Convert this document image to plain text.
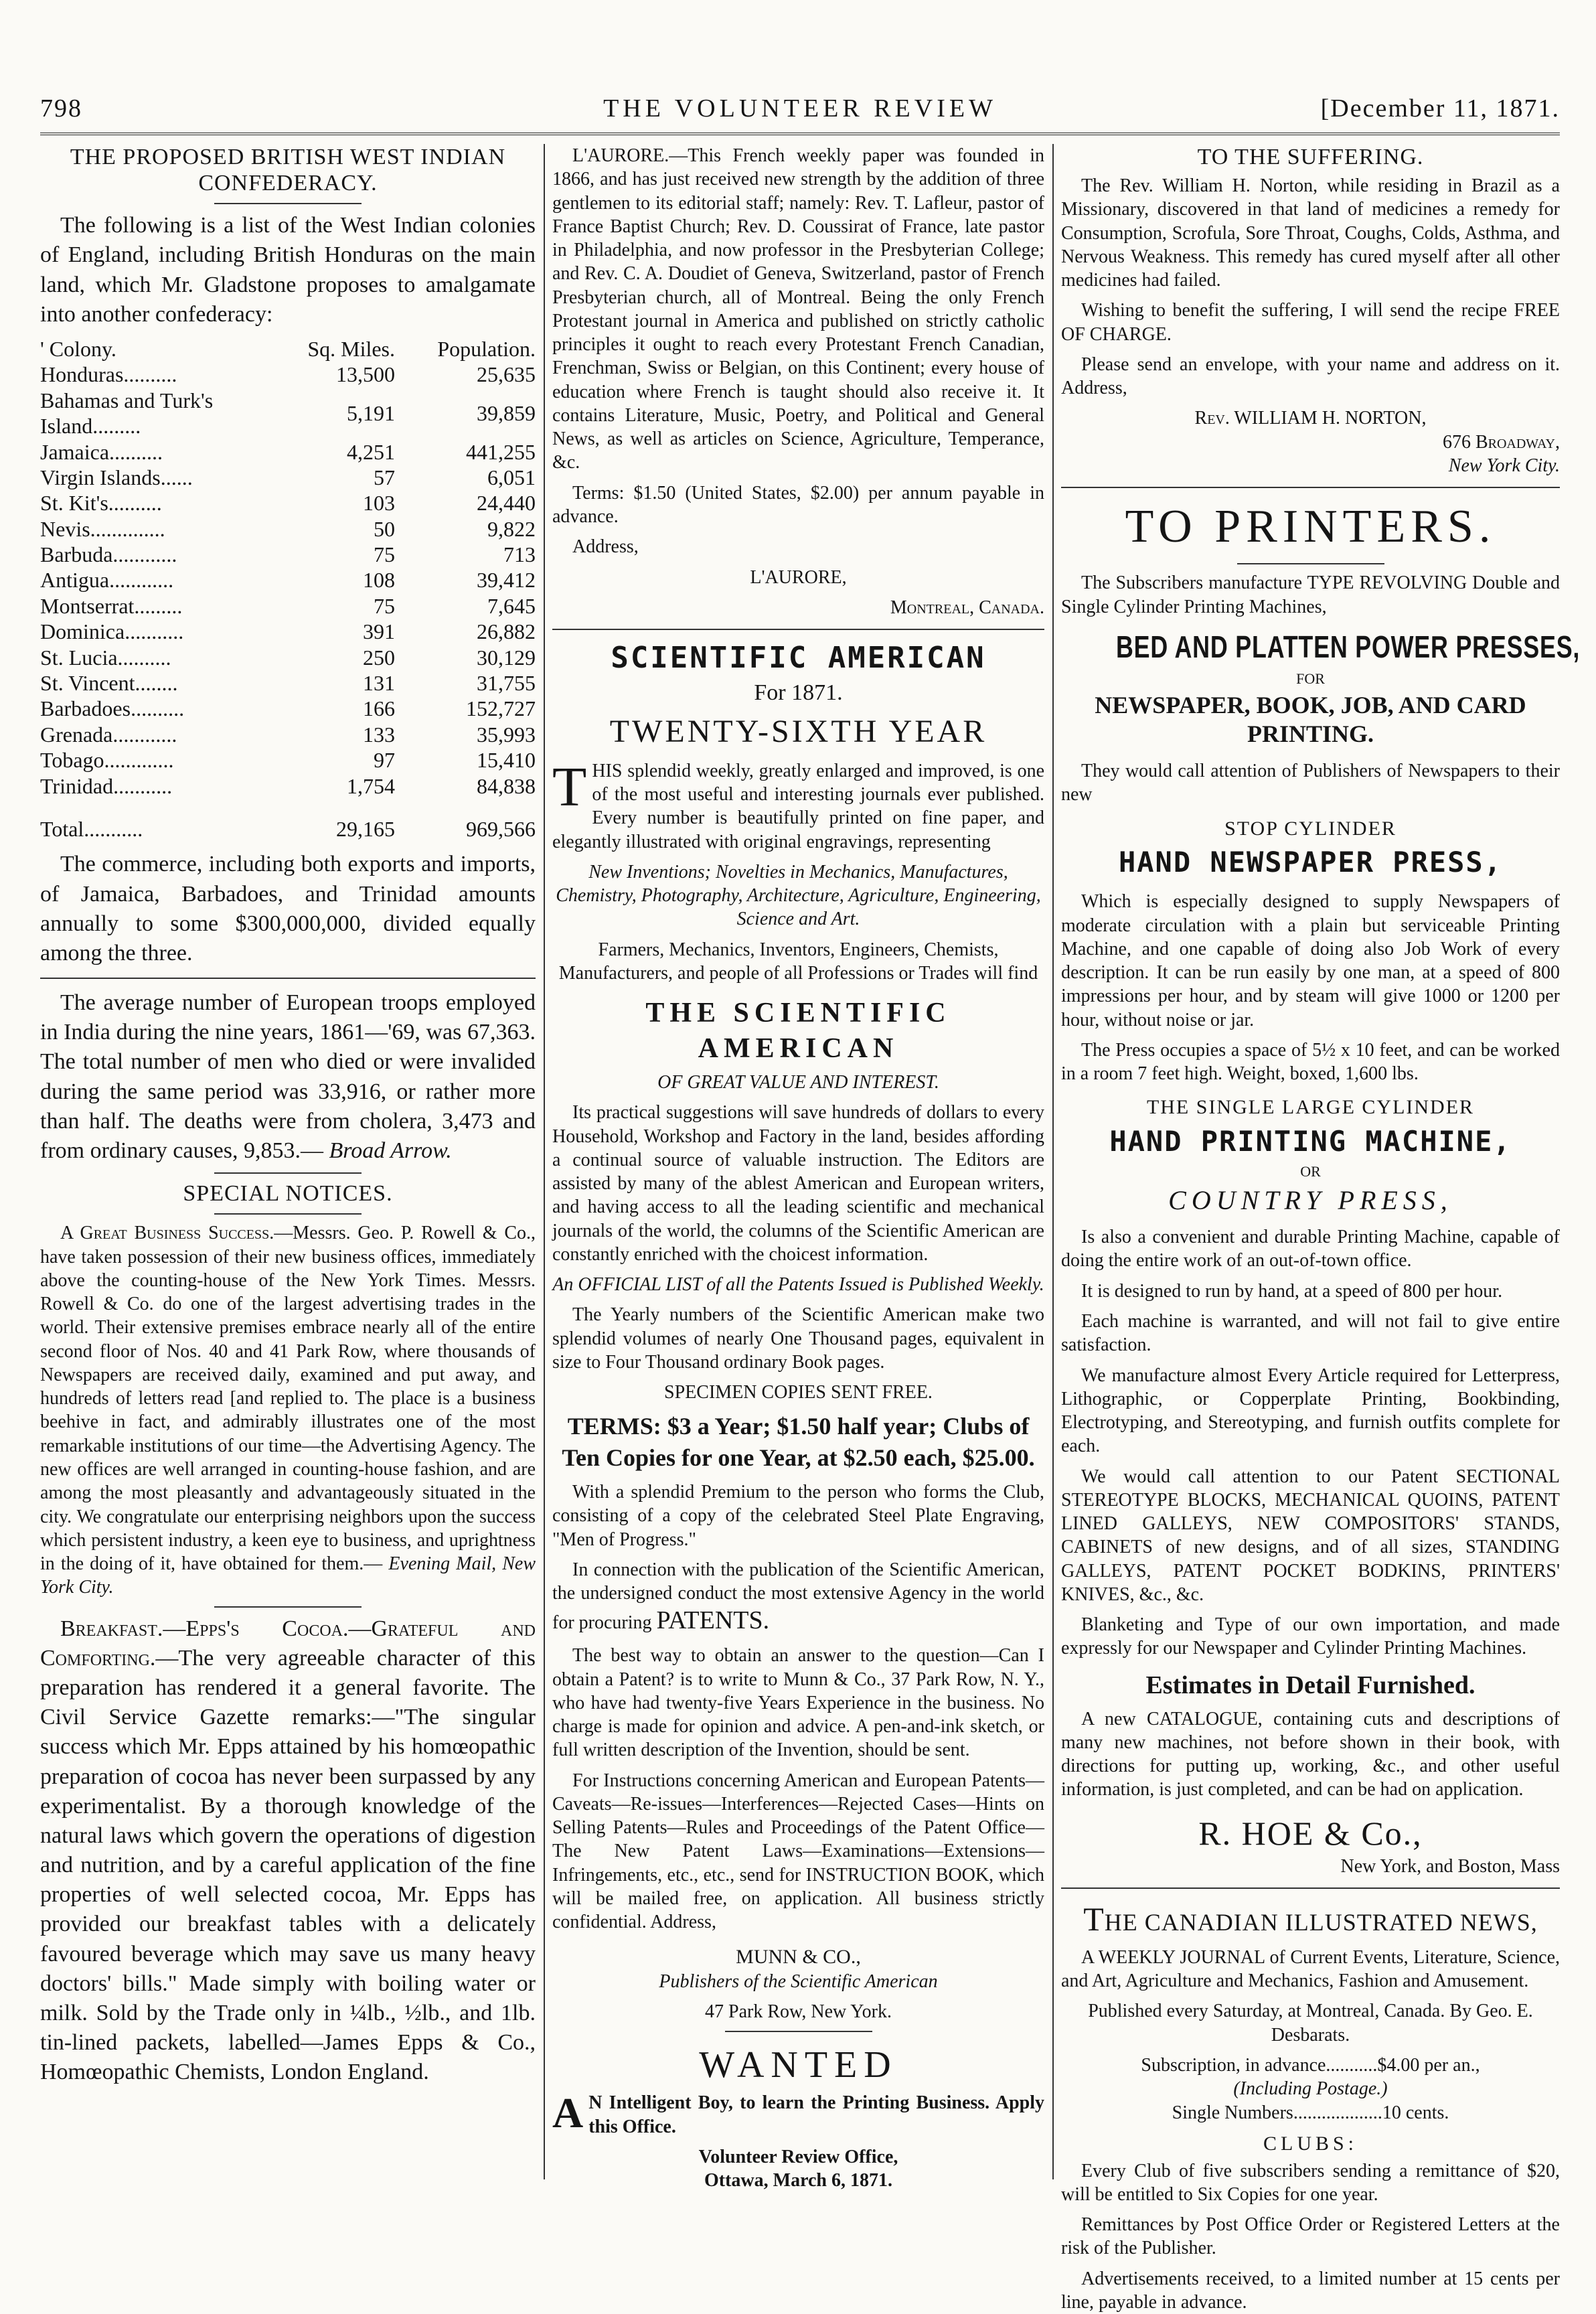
798	THE VOLUNTEER REVIEW	[December 11, 1871.
THE PROPOSED BRITISH WEST INDIAN CONFEDERACY.

The following is a list of the West Indian colonies of England, including British Honduras on the main land, which Mr. Gladstone proposes to amalgamate into another confederacy:

' Colony.	Sq. Miles.	Population.
Honduras..........	13,500	25,635
Bahamas and Turk's Island.........	5,191	39,859
Jamaica..........	4,251	441,255
Virgin Islands......	57	6,051
St. Kit's..........	103	24,440
Nevis..............	50	9,822
Barbuda............	75	713
Antigua............	108	39,412
Montserrat.........	75	7,645
Dominica...........	391	26,882
St. Lucia..........	250	30,129
St. Vincent........	131	31,755
Barbadoes..........	166	152,727
Grenada............	133	35,993
Tobago.............	97	15,410
Trinidad...........	1,754	84,838
Total...........	29,165	969,566

The commerce, including both exports and imports, of Jamaica, Barbadoes, and Trinidad amounts annually to some $300,000,000, divided equally among the three.

The average number of European troops employed in India during the nine years, 1861—'69, was 67,363. The total number of men who died or were invalided during the same period was 33,916, or rather more than half. The deaths were from cholera, 3,473 and from ordinary causes, 9,853.— Broad Arrow.

SPECIAL NOTICES.

A Great Business Success.—Messrs. Geo. P. Rowell & Co., have taken possession of their new business offices, immediately above the counting-house of the New York Times. Messrs. Rowell & Co. do one of the largest advertising trades in the world. Their extensive premises embrace nearly all of the entire second floor of Nos. 40 and 41 Park Row, where thousands of Newspapers are received daily, examined and put away, and hundreds of letters read [and replied to. The place is a business beehive in fact, and admirably illustrates one of the most remarkable institutions of our time—the Advertising Agency. The new offices are well arranged in counting-house fashion, and are among the most pleasantly and advantageously situated in the city. We congratulate our enterprising neighbors upon the success which persistent industry, a keen eye to business, and uprightness in the doing of it, have obtained for them.— Evening Mail, New York City.

Breakfast.—Epps's Cocoa.—Grateful and Comforting.—The very agreeable character of this preparation has rendered it a general favorite. The Civil Service Gazette remarks:—"The singular success which Mr. Epps attained by his homœopathic preparation of cocoa has never been surpassed by any experimentalist. By a thorough knowledge of the natural laws which govern the operations of digestion and nutrition, and by a careful application of the fine properties of well selected cocoa, Mr. Epps has provided our breakfast tables with a delicately favoured beverage which may save us many heavy doctors' bills." Made simply with boiling water or milk. Sold by the Trade only in ¼lb., ½lb., and 1lb. tin-lined packets, labelled—James Epps & Co., Homœopathic Chemists, London England.

L'AURORE.—This French weekly paper was founded in 1866, and has just received new strength by the addition of three gentlemen to its editorial staff; namely: Rev. T. Lafleur, pastor of France Baptist Church; Rev. D. Coussirat of France, late pastor in Philadelphia, and now professor in the Presbyterian College; and Rev. C. A. Doudiet of Geneva, Switzerland, pastor of French Presbyterian church, all of Montreal. Being the only French Protestant journal in America and published on strictly catholic principles it ought to reach every Protestant French Canadian, Frenchman, Swiss or Belgian, on this Continent; every house of education where French is taught should also receive it. It contains Literature, Music, Poetry, and Political and General News, as well as articles on Science, Agriculture, Temperance, &c.

Terms: $1.50 (United States, $2.00) per annum payable in advance.

Address,

L'AURORE,

Montreal, Canada.

SCIENTIFIC AMERICAN
For 1871.
TWENTY-SIXTH YEAR

THIS splendid weekly, greatly enlarged and improved, is one of the most useful and interesting journals ever published. Every number is beautifully printed on fine paper, and elegantly illustrated with original engravings, representing

New Inventions; Novelties in Mechanics, Manufactures, Chemistry, Photography, Architecture, Agriculture, Engineering, Science and Art.

Farmers, Mechanics, Inventors, Engineers, Chemists, Manufacturers, and people of all Professions or Trades will find

THE SCIENTIFIC AMERICAN

OF GREAT VALUE AND INTEREST.

Its practical suggestions will save hundreds of dollars to every Household, Workshop and Factory in the land, besides affording a continual source of valuable instruction. The Editors are assisted by many of the ablest American and European writers, and having access to all the leading scientific and mechanical journals of the world, the columns of the Scientific American are constantly enriched with the choicest information.

An OFFICIAL LIST of all the Patents Issued is Published Weekly.

The Yearly numbers of the Scientific American make two splendid volumes of nearly One Thousand pages, equivalent in size to Four Thousand ordinary Book pages.

SPECIMEN COPIES SENT FREE.

TERMS: $3 a Year; $1.50 half year; Clubs of Ten Copies for one Year, at $2.50 each, $25.00.

With a splendid Premium to the person who forms the Club, consisting of a copy of the celebrated Steel Plate Engraving, "Men of Progress."

In connection with the publication of the Scientific American, the undersigned conduct the most extensive Agency in the world for procuring PATENTS.

The best way to obtain an answer to the question—Can I obtain a Patent? is to write to Munn & Co., 37 Park Row, N. Y., who have had twenty-five Years Experience in the business. No charge is made for opinion and advice. A pen-and-ink sketch, or full written description of the Invention, should be sent.

For Instructions concerning American and European Patents—Caveats—Re-issues—Interferences—Rejected Cases—Hints on Selling Patents—Rules and Proceedings of the Patent Office—The New Patent Laws—Examinations—Extensions—Infringements, etc., etc., send for INSTRUCTION BOOK, which will be mailed free, on application. All business strictly confidential. Address,

MUNN & CO.,

Publishers of the Scientific American

47 Park Row, New York.

WANTED

A N Intelligent Boy, to learn the Printing Business. Apply this Office.

Volunteer Review Office,

Ottawa, March 6, 1871.

TO THE SUFFERING.

The Rev. William H. Norton, while residing in Brazil as a Missionary, discovered in that land of medicines a remedy for Consumption, Scrofula, Sore Throat, Coughs, Colds, Asthma, and Nervous Weakness. This remedy has cured myself after all other medicines had failed.

Wishing to benefit the suffering, I will send the recipe FREE OF CHARGE.

Please send an envelope, with your name and address on it. Address,

Rev. WILLIAM H. NORTON,

676 Broadway,

New York City.

TO PRINTERS.

The Subscribers manufacture TYPE REVOLVING Double and Single Cylinder Printing Machines,

BED AND PLATTEN POWER PRESSES,

FOR

NEWSPAPER, BOOK, JOB, AND CARD PRINTING.

They would call attention of Publishers of Newspapers to their new

STOP CYLINDER
HAND NEWSPAPER PRESS,

Which is especially designed to supply Newspapers of moderate circulation with a plain but serviceable Printing Machine, and one capable of doing also Job Work of every description. It can be run easily by one man, at a speed of 800 impressions per hour, and by steam will give 1000 or 1200 per hour, without noise or jar.

The Press occupies a space of 5½ x 10 feet, and can be worked in a room 7 feet high. Weight, boxed, 1,600 lbs.

THE SINGLE LARGE CYLINDER
HAND PRINTING MACHINE,

OR

COUNTRY PRESS,

Is also a convenient and durable Printing Machine, capable of doing the entire work of an out-of-town office.

It is designed to run by hand, at a speed of 800 per hour.

Each machine is warranted, and will not fail to give entire satisfaction.

We manufacture almost Every Article required for Letterpress, Lithographic, or Copperplate Printing, Bookbinding, Electrotyping, and Stereotyping, and furnish outfits complete for each.

We would call attention to our Patent SECTIONAL STEREOTYPE BLOCKS, MECHANICAL QUOINS, PATENT LINED GALLEYS, NEW COMPOSITORS' STANDS, CABINETS of new designs, and of all sizes, STANDING GALLEYS, PATENT POCKET BODKINS, PRINTERS' KNIVES, &c., &c.

Blanketing and Type of our own importation, and made expressly for our Newspaper and Cylinder Printing Machines.

Estimates in Detail Furnished.

A new CATALOGUE, containing cuts and descriptions of many new machines, not before shown in their book, with directions for putting up, working, &c., and other useful information, is just completed, and can be had on application.

R. HOE & Co.,

New York, and Boston, Mass

THE CANADIAN ILLUSTRATED NEWS,

A WEEKLY JOURNAL of Current Events, Literature, Science, and Art, Agriculture and Mechanics, Fashion and Amusement.

Published every Saturday, at Montreal, Canada. By Geo. E. Desbarats.

Subscription, in advance...........$4.00 per an.,

(Including Postage.)

Single Numbers...................10 cents.

CLUBS:

Every Club of five subscribers sending a remittance of $20, will be entitled to Six Copies for one year.

Remittances by Post Office Order or Registered Letters at the risk of the Publisher.

Advertisements received, to a limited number at 15 cents per line, payable in advance.
